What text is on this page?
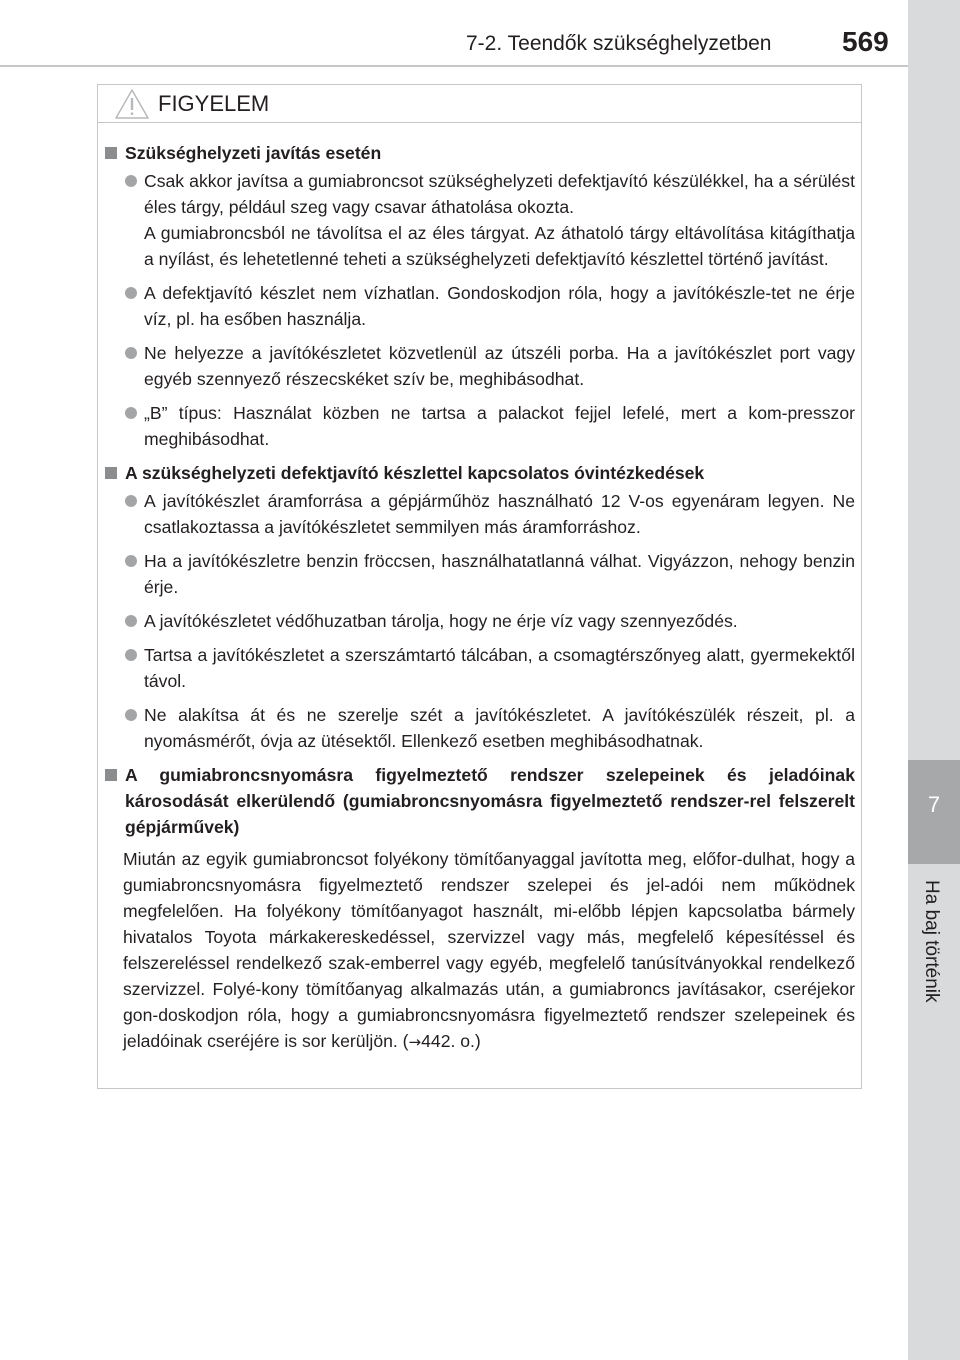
7-2. Teendők szükséghelyzetben	569
7
Ha baj történik
FIGYELEM
Szükséghelyzeti javítás esetén
Csak akkor javítsa a gumiabroncsot szükséghelyzeti defektjavító készülékkel, ha a sérülést éles tárgy, például szeg vagy csavar áthatolása okozta.
A gumiabroncsból ne távolítsa el az éles tárgyat. Az áthatoló tárgy eltávolítása kitágíthatja a nyílást, és lehetetlenné teheti a szükséghelyzeti defektjavító készlettel történő javítást.
A defektjavító készlet nem vízhatlan. Gondoskodjon róla, hogy a javítókészle-tet ne érje víz, pl. ha esőben használja.
Ne helyezze a javítókészletet közvetlenül az útszéli porba. Ha a javítókészlet port vagy egyéb szennyező részecskéket szív be, meghibásodhat.
„B” típus: Használat közben ne tartsa a palackot fejjel lefelé, mert a kom-presszor meghibásodhat.
A szükséghelyzeti defektjavító készlettel kapcsolatos óvintézkedések
A javítókészlet áramforrása a gépjárműhöz használható 12 V-os egyenáram legyen. Ne csatlakoztassa a javítókészletet semmilyen más áramforráshoz.
Ha a javítókészletre benzin fröccsen, használhatatlanná válhat. Vigyázzon, nehogy benzin érje.
A javítókészletet védőhuzatban tárolja, hogy ne érje víz vagy szennyeződés.
Tartsa a javítókészletet a szerszámtartó tálcában, a csomagtérszőnyeg alatt, gyermekektől távol.
Ne alakítsa át és ne szerelje szét a javítókészletet. A javítókészülék részeit, pl. a nyomásmérőt, óvja az ütésektől. Ellenkező esetben meghibásodhatnak.
A gumiabroncsnyomásra figyelmeztető rendszer szelepeinek és jeladóinak károsodását elkerülendő (gumiabroncsnyomásra figyelmeztető rendszer-rel felszerelt gépjárművek)
Miután az egyik gumiabroncsot folyékony tömítőanyaggal javította meg, előfor-dulhat, hogy a gumiabroncsnyomásra figyelmeztető rendszer szelepei és jel-adói nem működnek megfelelően. Ha folyékony tömítőanyagot használt, mi-előbb lépjen kapcsolatba bármely hivatalos Toyota márkakereskedéssel, szervizzel vagy más, megfelelő képesítéssel és felszereléssel rendelkező szak-emberrel vagy egyéb, megfelelő tanúsítványokkal rendelkező szervizzel. Folyé-kony tömítőanyag alkalmazás után, a gumiabroncs javításakor, cseréjekor gon-doskodjon róla, hogy a gumiabroncsnyomásra figyelmeztető rendszer szelepeinek és jeladóinak cseréjére is sor kerüljön. (→442. o.)
